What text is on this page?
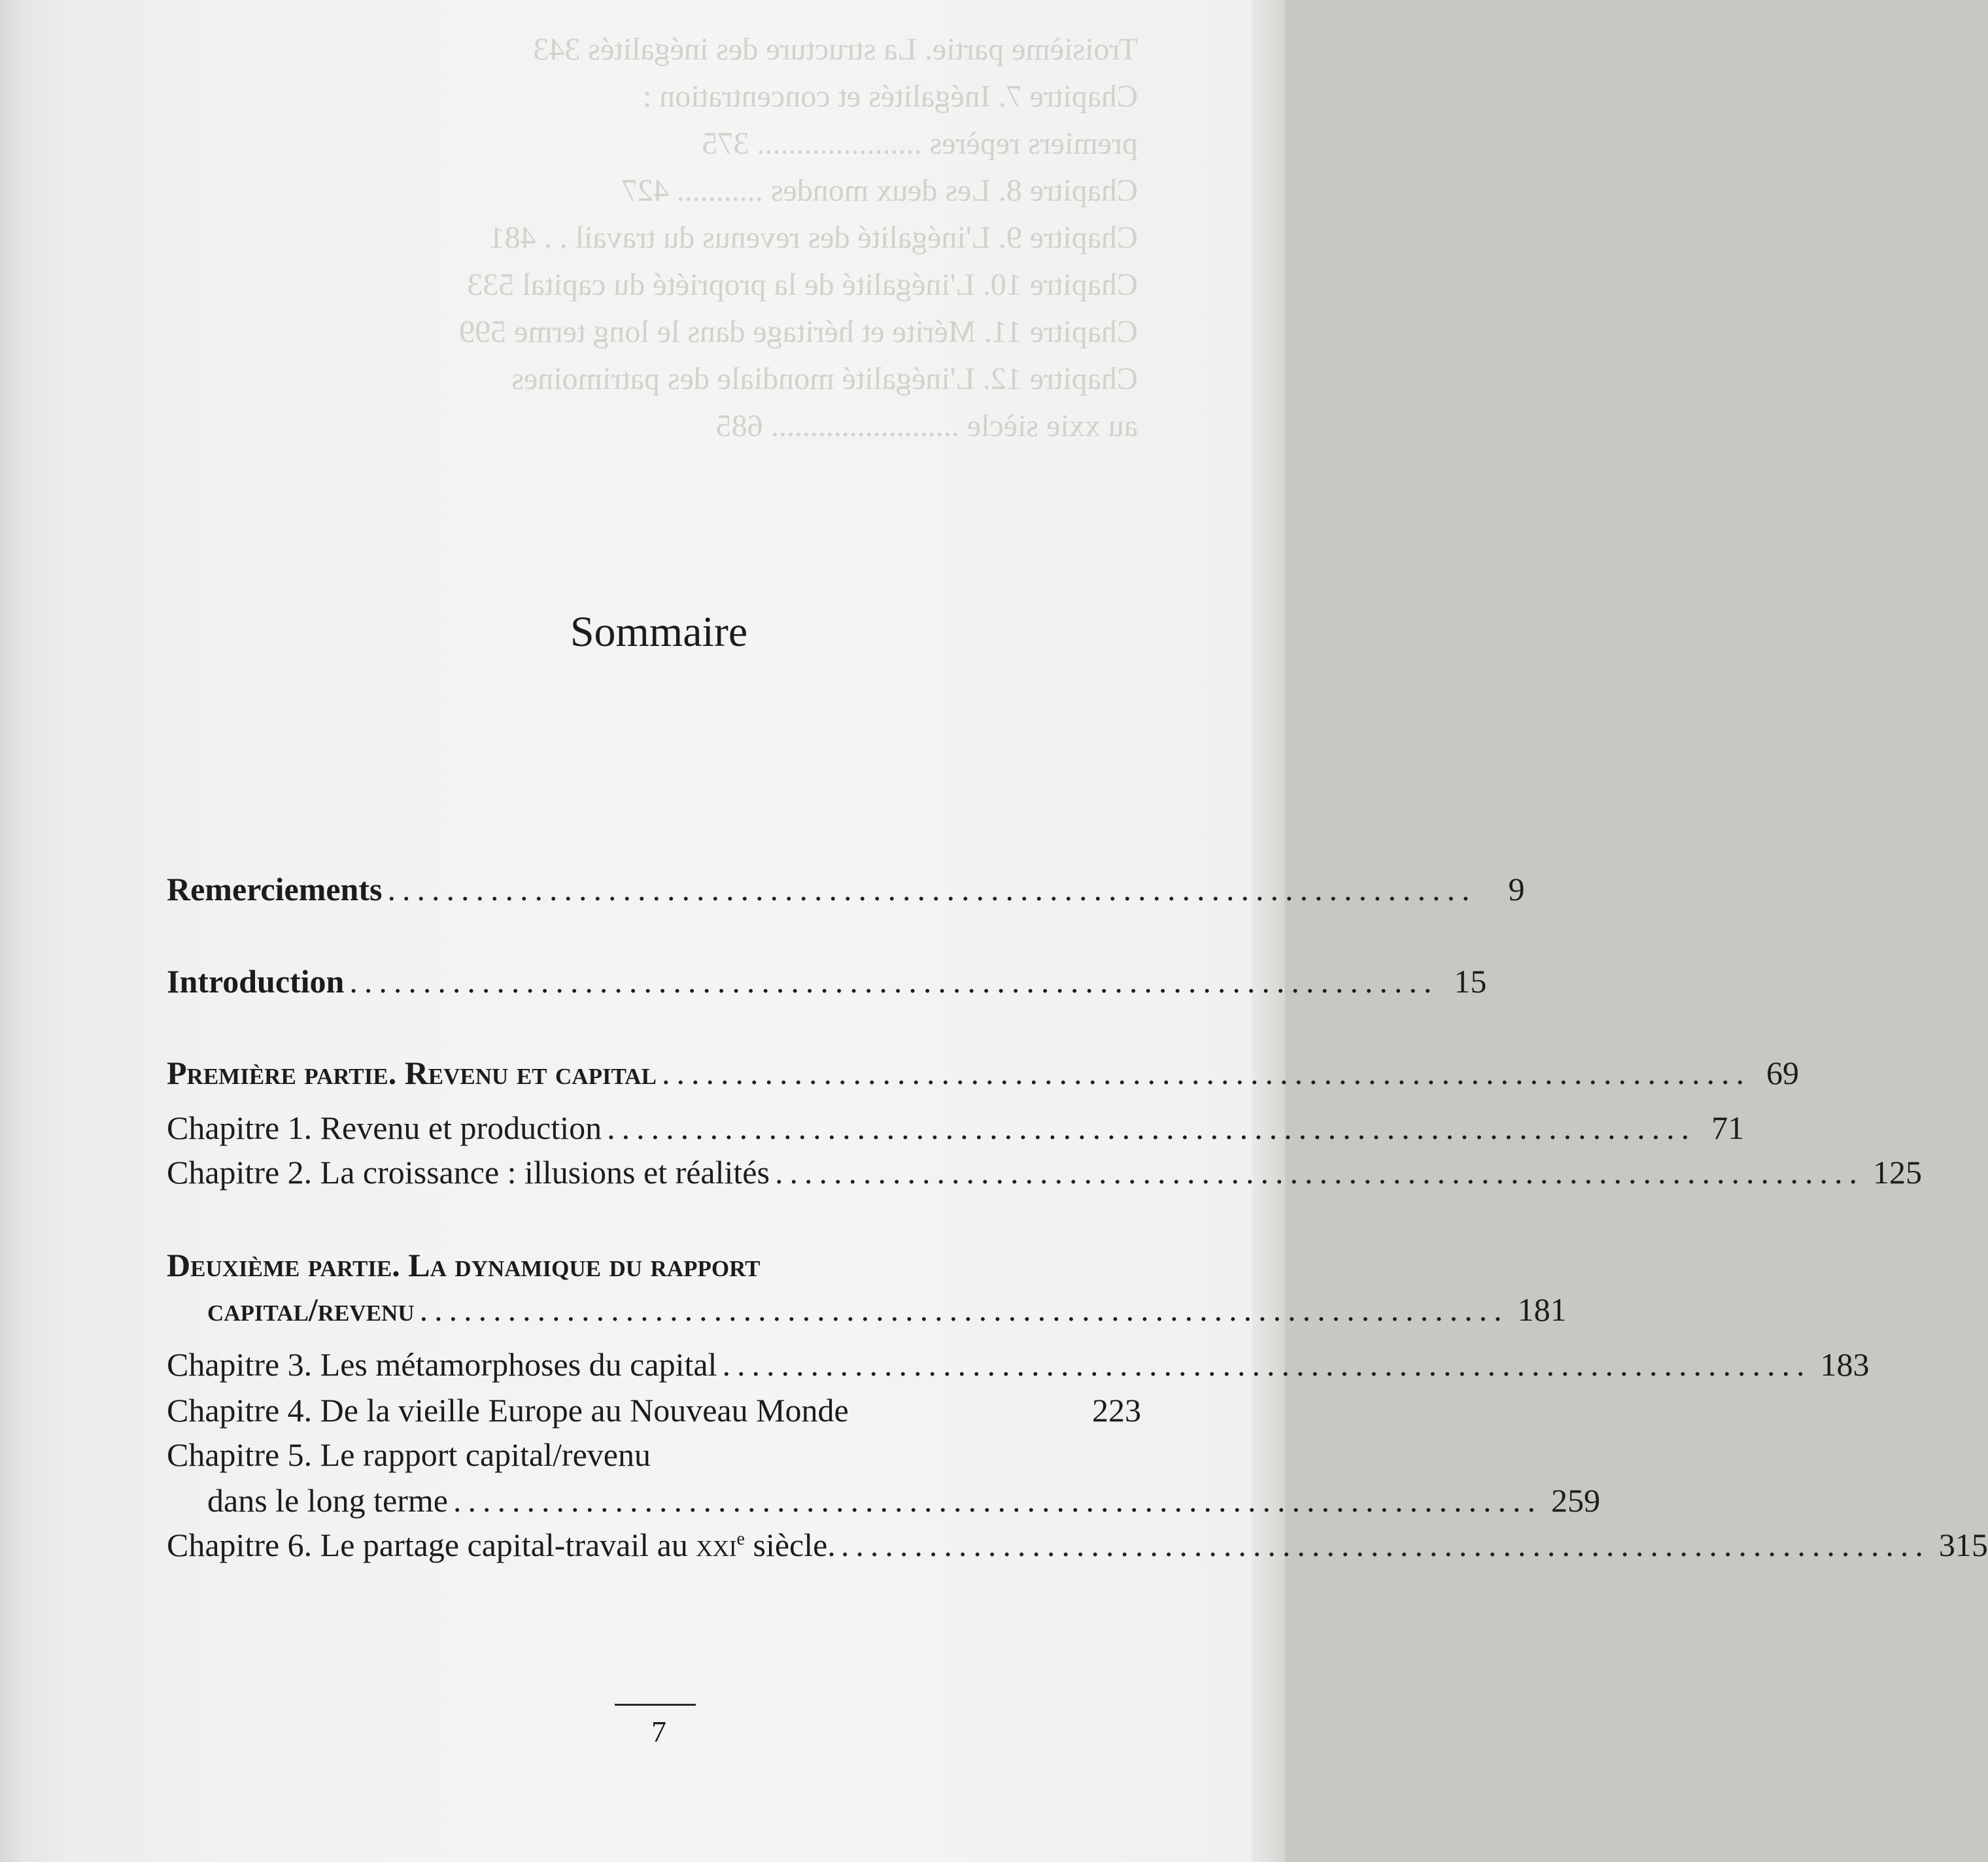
Troisième partie. La structure des inégalités 343
Chapitre 7. Inégalités et concentration :
premiers repères ..................... 375
Chapitre 8. Les deux mondes ........... 427
Chapitre 9. L'inégalité des revenus du travail . . 481
Chapitre 10. L'inégalité de la propriété du capital 533
Chapitre 11. Mérite et héritage dans le long terme 599
Chapitre 12. L'inégalité mondiale des patrimoines
au xxie siècle ........................ 685
Sommaire
Remerciements .......................................................................... 9
Introduction .......................................................................... 15
Première partie. Revenu et capital .......................................................................... 69
Chapitre 1. Revenu et production .......................................................................... 71
Chapitre 2. La croissance : illusions et réalités .......................................................................... 125
Deuxième partie. La dynamique du rapport
capital/revenu .......................................................................... 181
Chapitre 3. Les métamorphoses du capital .......................................................................... 183
Chapitre 4. De la vieille Europe au Nouveau Monde	223
Chapitre 5. Le rapport capital/revenu
dans le long terme .......................................................................... 259
Chapitre 6. Le partage capital-travail au xxi$^e$ siècle. .......................................................................... 315
7
